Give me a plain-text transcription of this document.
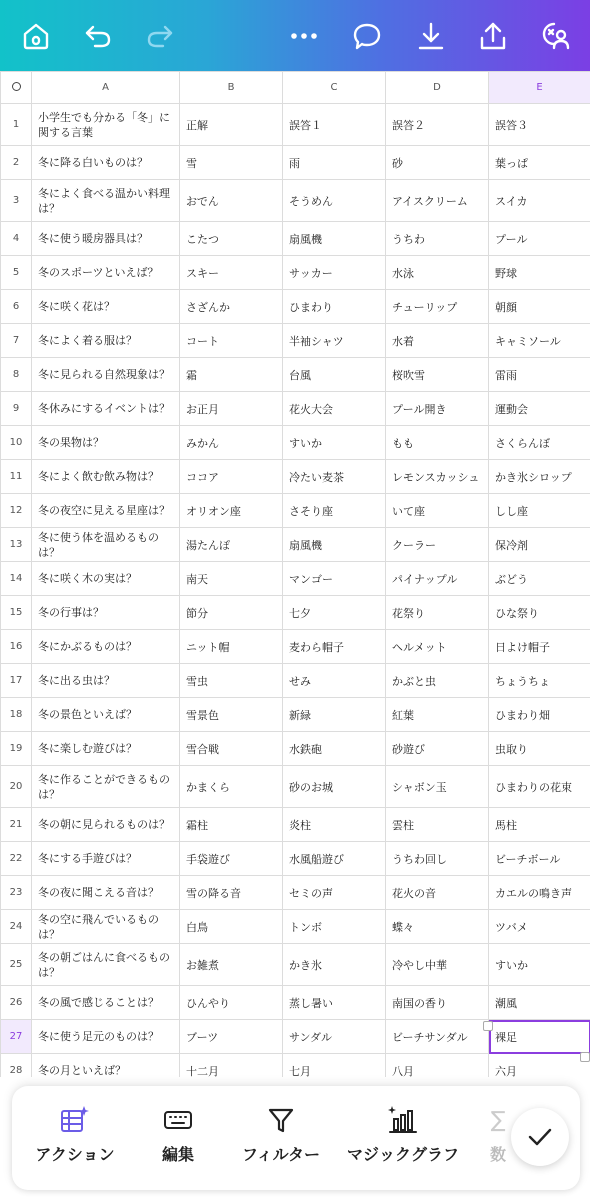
	A	B	C	D	E
1	小学生でも分かる「冬」に関する言葉	正解	誤答１	誤答２	誤答３
2	冬に降る白いものは？	雪	雨	砂	葉っぱ
3	冬によく食べる温かい料理は？	おでん	そうめん	アイスクリーム	スイカ
4	冬に使う暖房器具は？	こたつ	扇風機	うちわ	プール
5	冬のスポーツといえば？	スキー	サッカー	水泳	野球
6	冬に咲く花は？	さざんか	ひまわり	チューリップ	朝顔
7	冬によく着る服は？	コート	半袖シャツ	水着	キャミソール
8	冬に見られる自然現象は？	霜	台風	桜吹雪	雷雨
9	冬休みにするイベントは？	お正月	花火大会	プール開き	運動会
10	冬の果物は？	みかん	すいか	もも	さくらんぼ
11	冬によく飲む飲み物は？	ココア	冷たい麦茶	レモンスカッシュ	かき氷シロップ
12	冬の夜空に見える星座は？	オリオン座	さそり座	いて座	しし座
13	冬に使う体を温めるものは？	湯たんぽ	扇風機	クーラー	保冷剤
14	冬に咲く木の実は？	南天	マンゴー	パイナップル	ぶどう
15	冬の行事は？	節分	七夕	花祭り	ひな祭り
16	冬にかぶるものは？	ニット帽	麦わら帽子	ヘルメット	日よけ帽子
17	冬に出る虫は？	雪虫	せみ	かぶと虫	ちょうちょ
18	冬の景色といえば？	雪景色	新緑	紅葉	ひまわり畑
19	冬に楽しむ遊びは？	雪合戦	水鉄砲	砂遊び	虫取り
20	冬に作ることができるものは？	かまくら	砂のお城	シャボン玉	ひまわりの花束
21	冬の朝に見られるものは？	霜柱	炎柱	雲柱	馬柱
22	冬にする手遊びは？	手袋遊び	水風船遊び	うちわ回し	ビーチボール
23	冬の夜に聞こえる音は？	雪の降る音	セミの声	花火の音	カエルの鳴き声
24	冬の空に飛んでいるものは？	白鳥	トンボ	蝶々	ツバメ
25	冬の朝ごはんに食べるものは？	お雑煮	かき氷	冷やし中華	すいか
26	冬の風で感じることは？	ひんやり	蒸し暑い	南国の香り	潮風
27	冬に使う足元のものは？	ブーツ	サンダル	ビーチサンダル	裸足
28	冬の月といえば？	十二月	七月	八月	六月
アクション	編集	フィルター マジックグラフ
∑
数
